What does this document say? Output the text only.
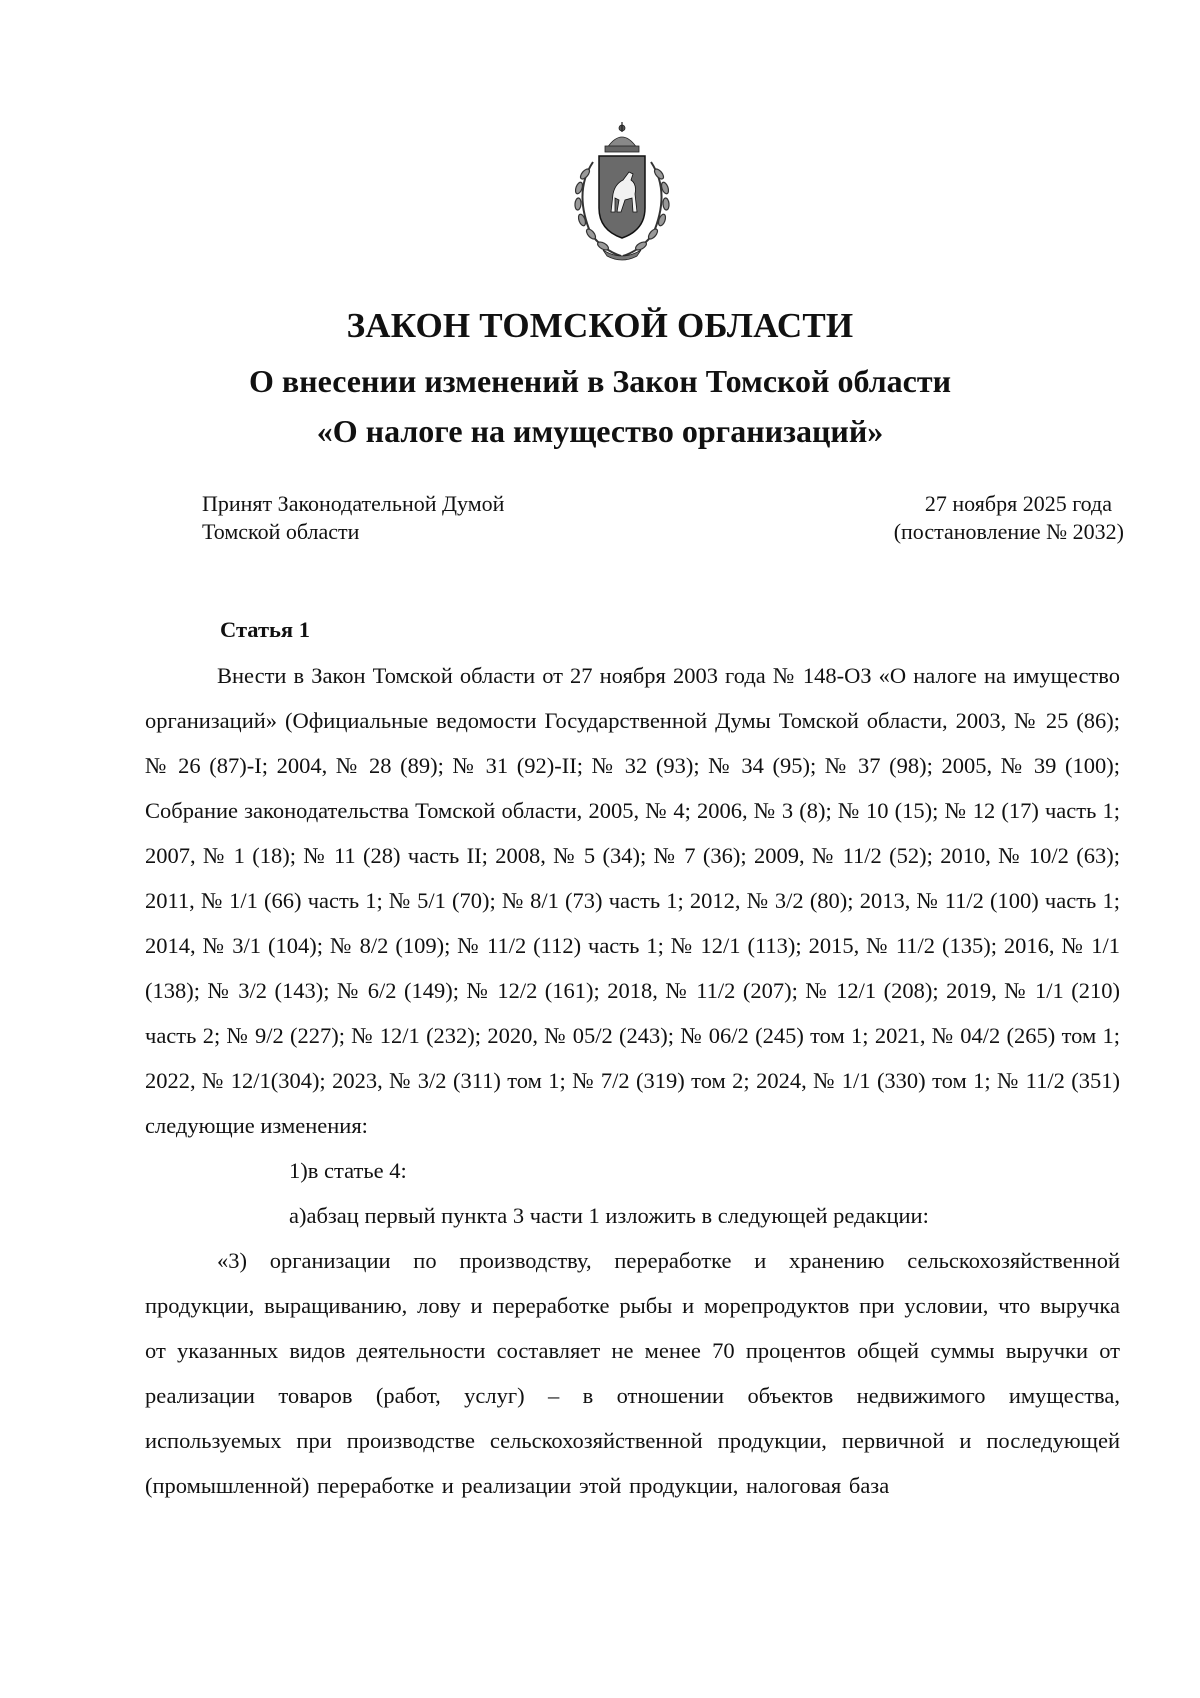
ЗАКОН ТОМСКОЙ ОБЛАСТИ
О внесении изменений в Закон Томской области
«О налоге на имущество организаций»
Принят Законодательной Думой
Томской области
27 ноября 2025 года
(постановление № 2032)
Статья 1

Внести в Закон Томской области от 27 ноября 2003 года № 148-ОЗ «О налоге на имущество организаций» (Официальные ведомости Государственной Думы Томской области, 2003, № 25 (86); № 26 (87)-I; 2004, № 28 (89); № 31 (92)-II; № 32 (93); № 34 (95); № 37 (98); 2005, № 39 (100); Собрание законодательства Томской области, 2005, № 4; 2006, № 3 (8); № 10 (15); № 12 (17) часть 1; 2007, № 1 (18); № 11 (28) часть II; 2008, № 5 (34); № 7 (36); 2009, № 11/2 (52); 2010, № 10/2 (63); 2011, № 1/1 (66) часть 1; № 5/1 (70); № 8/1 (73) часть 1; 2012, № 3/2 (80); 2013, № 11/2 (100) часть 1; 2014, № 3/1 (104); № 8/2 (109); № 11/2 (112) часть 1; № 12/1 (113); 2015, № 11/2 (135); 2016, № 1/1 (138); № 3/2 (143); № 6/2 (149); № 12/2 (161); 2018, № 11/2 (207); № 12/1 (208); 2019, № 1/1 (210) часть 2; № 9/2 (227); № 12/1 (232); 2020, № 05/2 (243); № 06/2 (245) том 1; 2021, № 04/2 (265) том 1; 2022, № 12/1(304); 2023, № 3/2 (311) том 1; № 7/2 (319) том 2; 2024, № 1/1 (330) том 1; № 11/2 (351) следующие изменения:

1)в статье 4:

а)абзац первый пункта 3 части 1 изложить в следующей редакции:

«3) организации по производству, переработке и хранению сельскохозяйственной продукции, выращиванию, лову и переработке рыбы и морепродуктов при условии, что выручка от указанных видов деятельности составляет не менее 70 процентов общей суммы выручки от реализации товаров (работ, услуг) – в отношении объектов недвижимого имущества, используемых при производстве сельскохозяйственной продукции, первичной и последующей (промышленной) переработке и реализации этой продукции, налоговая база
